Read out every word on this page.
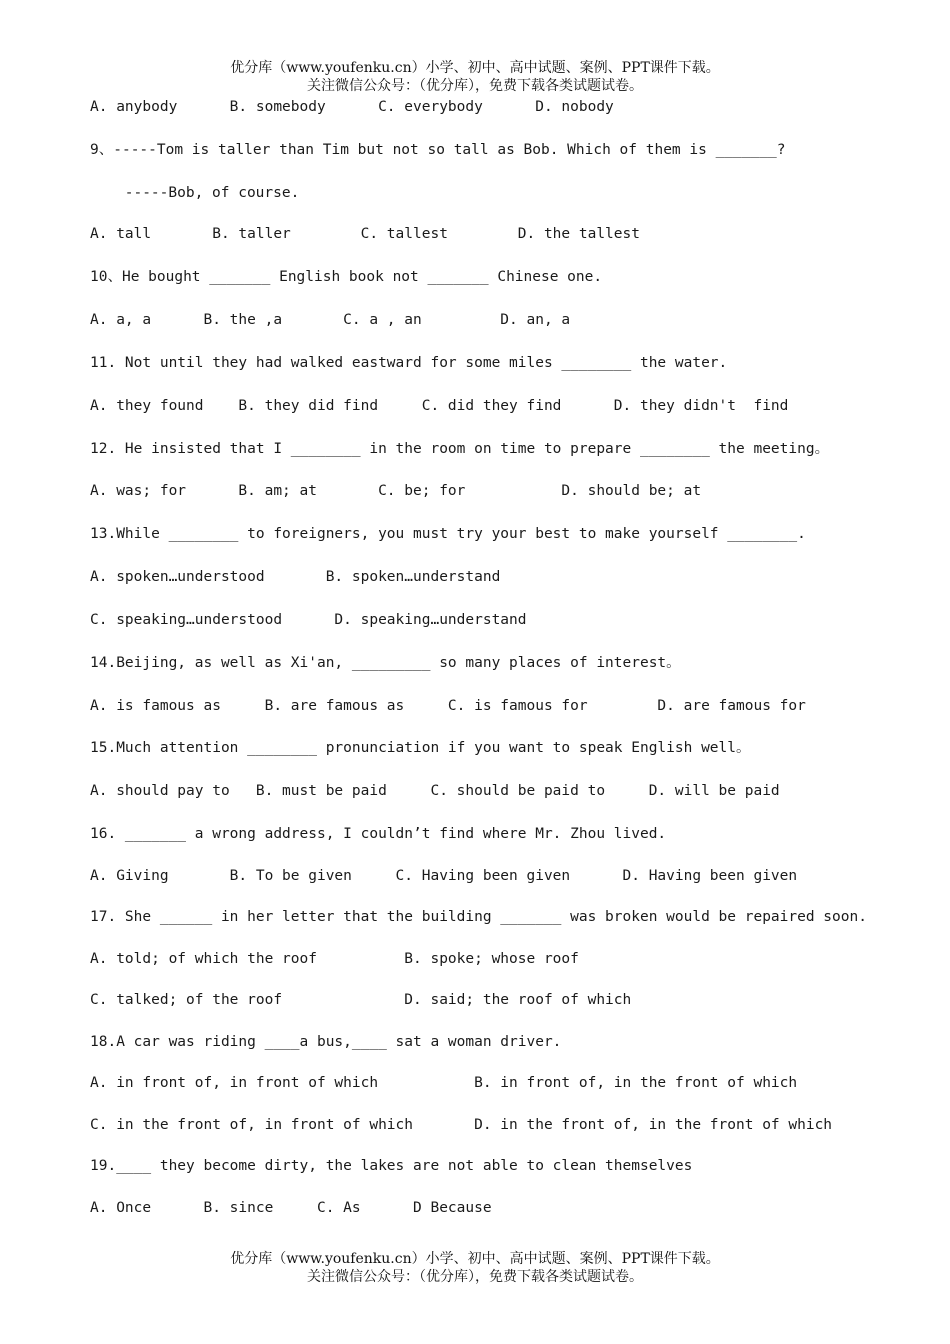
优分库（www.youfenku.cn）小学、初中、高中试题、案例、PPT课件下载。
关注微信公众号：（优分库），免费下载各类试题试卷。
A. anybody      B. somebody      C. everybody      D. nobody
9、-----Tom is taller than Tim but not so tall as Bob. Which of them is _______?
-----Bob, of course.
A. tall       B. taller        C. tallest        D. the tallest
10、He bought _______ English book not _______ Chinese one.
A. a, a      B. the ,a       C. a , an         D. an, a
11. Not until they had walked eastward for some miles ________ the water.
A. they found    B. they did find     C. did they find      D. they didn't  find
12. He insisted that I ________ in the room on time to prepare ________ the meeting。
A. was; for      B. am; at       C. be; for           D. should be; at
13.While ________ to foreigners, you must try your best to make yourself ________.
A. spoken…understood       B. spoken…understand
C. speaking…understood      D. speaking…understand
14.Beijing, as well as Xi'an, _________ so many places of interest。
A. is famous as     B. are famous as     C. is famous for        D. are famous for
15.Much attention ________ pronunciation if you want to speak English well。
A. should pay to   B. must be paid     C. should be paid to     D. will be paid
16. _______ a wrong address, I couldn’t find where Mr. Zhou lived.
A. Giving       B. To be given     C. Having been given      D. Having been given
17. She ______ in her letter that the building _______ was broken would be repaired soon.
A. told; of which the roof          B. spoke; whose roof
C. talked; of the roof              D. said; the roof of which
18.A car was riding ____a bus,____ sat a woman driver.
A. in front of, in front of which           B. in front of, in the front of which
C. in the front of, in front of which       D. in the front of, in the front of which
19.____ they become dirty, the lakes are not able to clean themselves
A. Once      B. since     C. As      D Because
优分库（www.youfenku.cn）小学、初中、高中试题、案例、PPT课件下载。
关注微信公众号：（优分库），免费下载各类试题试卷。
